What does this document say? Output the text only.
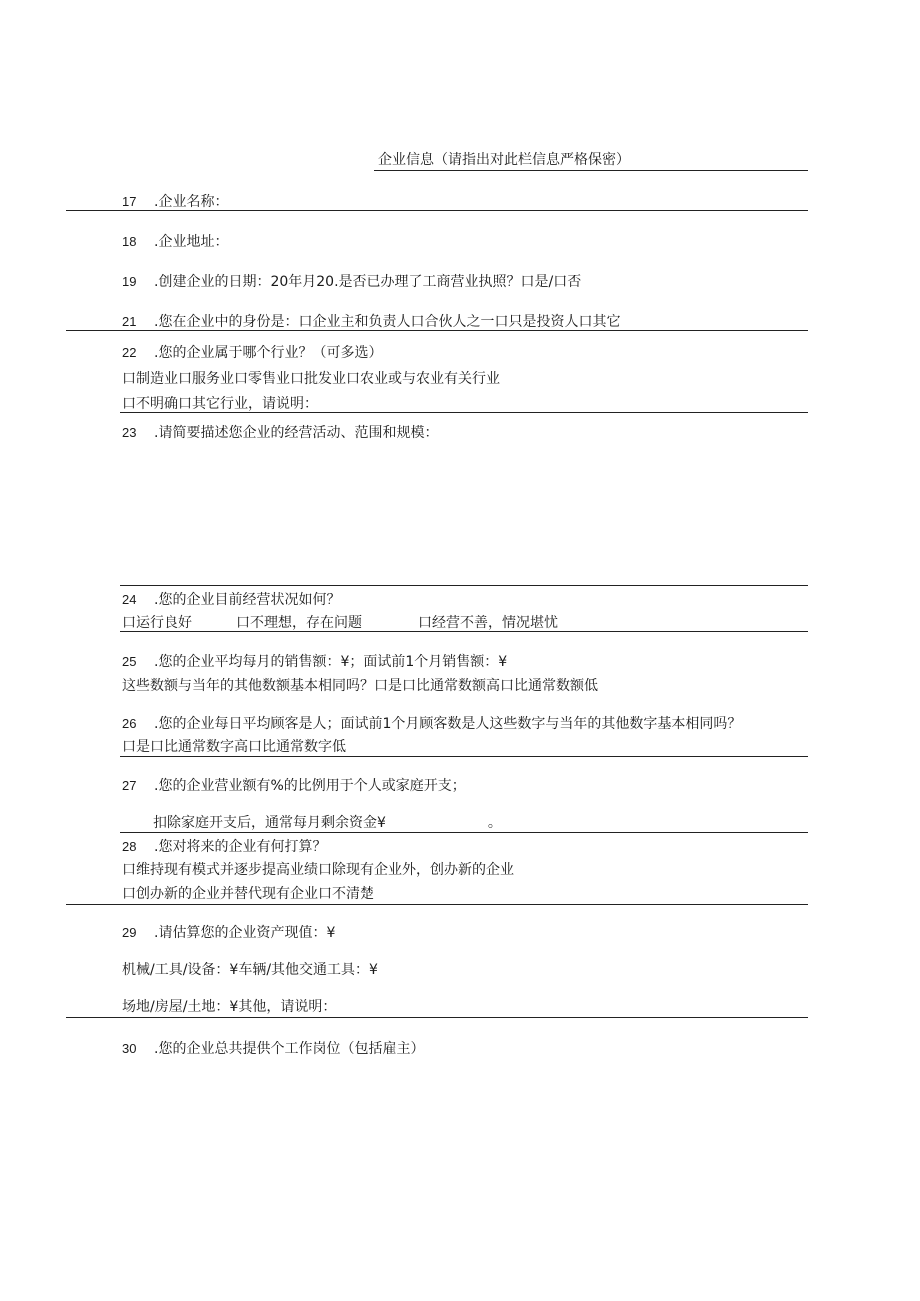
企业信息（请指出对此栏信息严格保密）
17 .企业名称：
18 .企业地址：
19 .创建企业的日期：20年月20.是否已办理了工商营业执照？口是/口否
21 .您在企业中的身份是：口企业主和负责人口合伙人之一口只是投资人口其它
22 .您的企业属于哪个行业？（可多选）
口制造业口服务业口零售业口批发业口农业或与农业有关行业
口不明确口其它行业，请说明：
23 .请简要描述您企业的经营活动、范围和规模：
24 .您的企业目前经营状况如何？
口运行良好	口不理想，存在问题	口经营不善，情况堪忧
25 .您的企业平均每月的销售额：¥；面试前1个月销售额：¥
这些数额与当年的其他数额基本相同吗？口是口比通常数额高口比通常数额低
26 .您的企业每日平均顾客是人；面试前1个月顾客数是人这些数字与当年的其他数字基本相同吗？
口是口比通常数字高口比通常数字低
27 .您的企业营业额有%的比例用于个人或家庭开支；
扣除家庭开支后，通常每月剩余资金¥	。
28 .您对将来的企业有何打算？
口维持现有模式并逐步提高业绩口除现有企业外，创办新的企业
口创办新的企业并替代现有企业口不清楚
29 .请估算您的企业资产现值：¥
机械/工具/设备：¥车辆/其他交通工具：¥
场地/房屋/土地：¥其他，请说明：
30 .您的企业总共提供个工作岗位（包括雇主）
